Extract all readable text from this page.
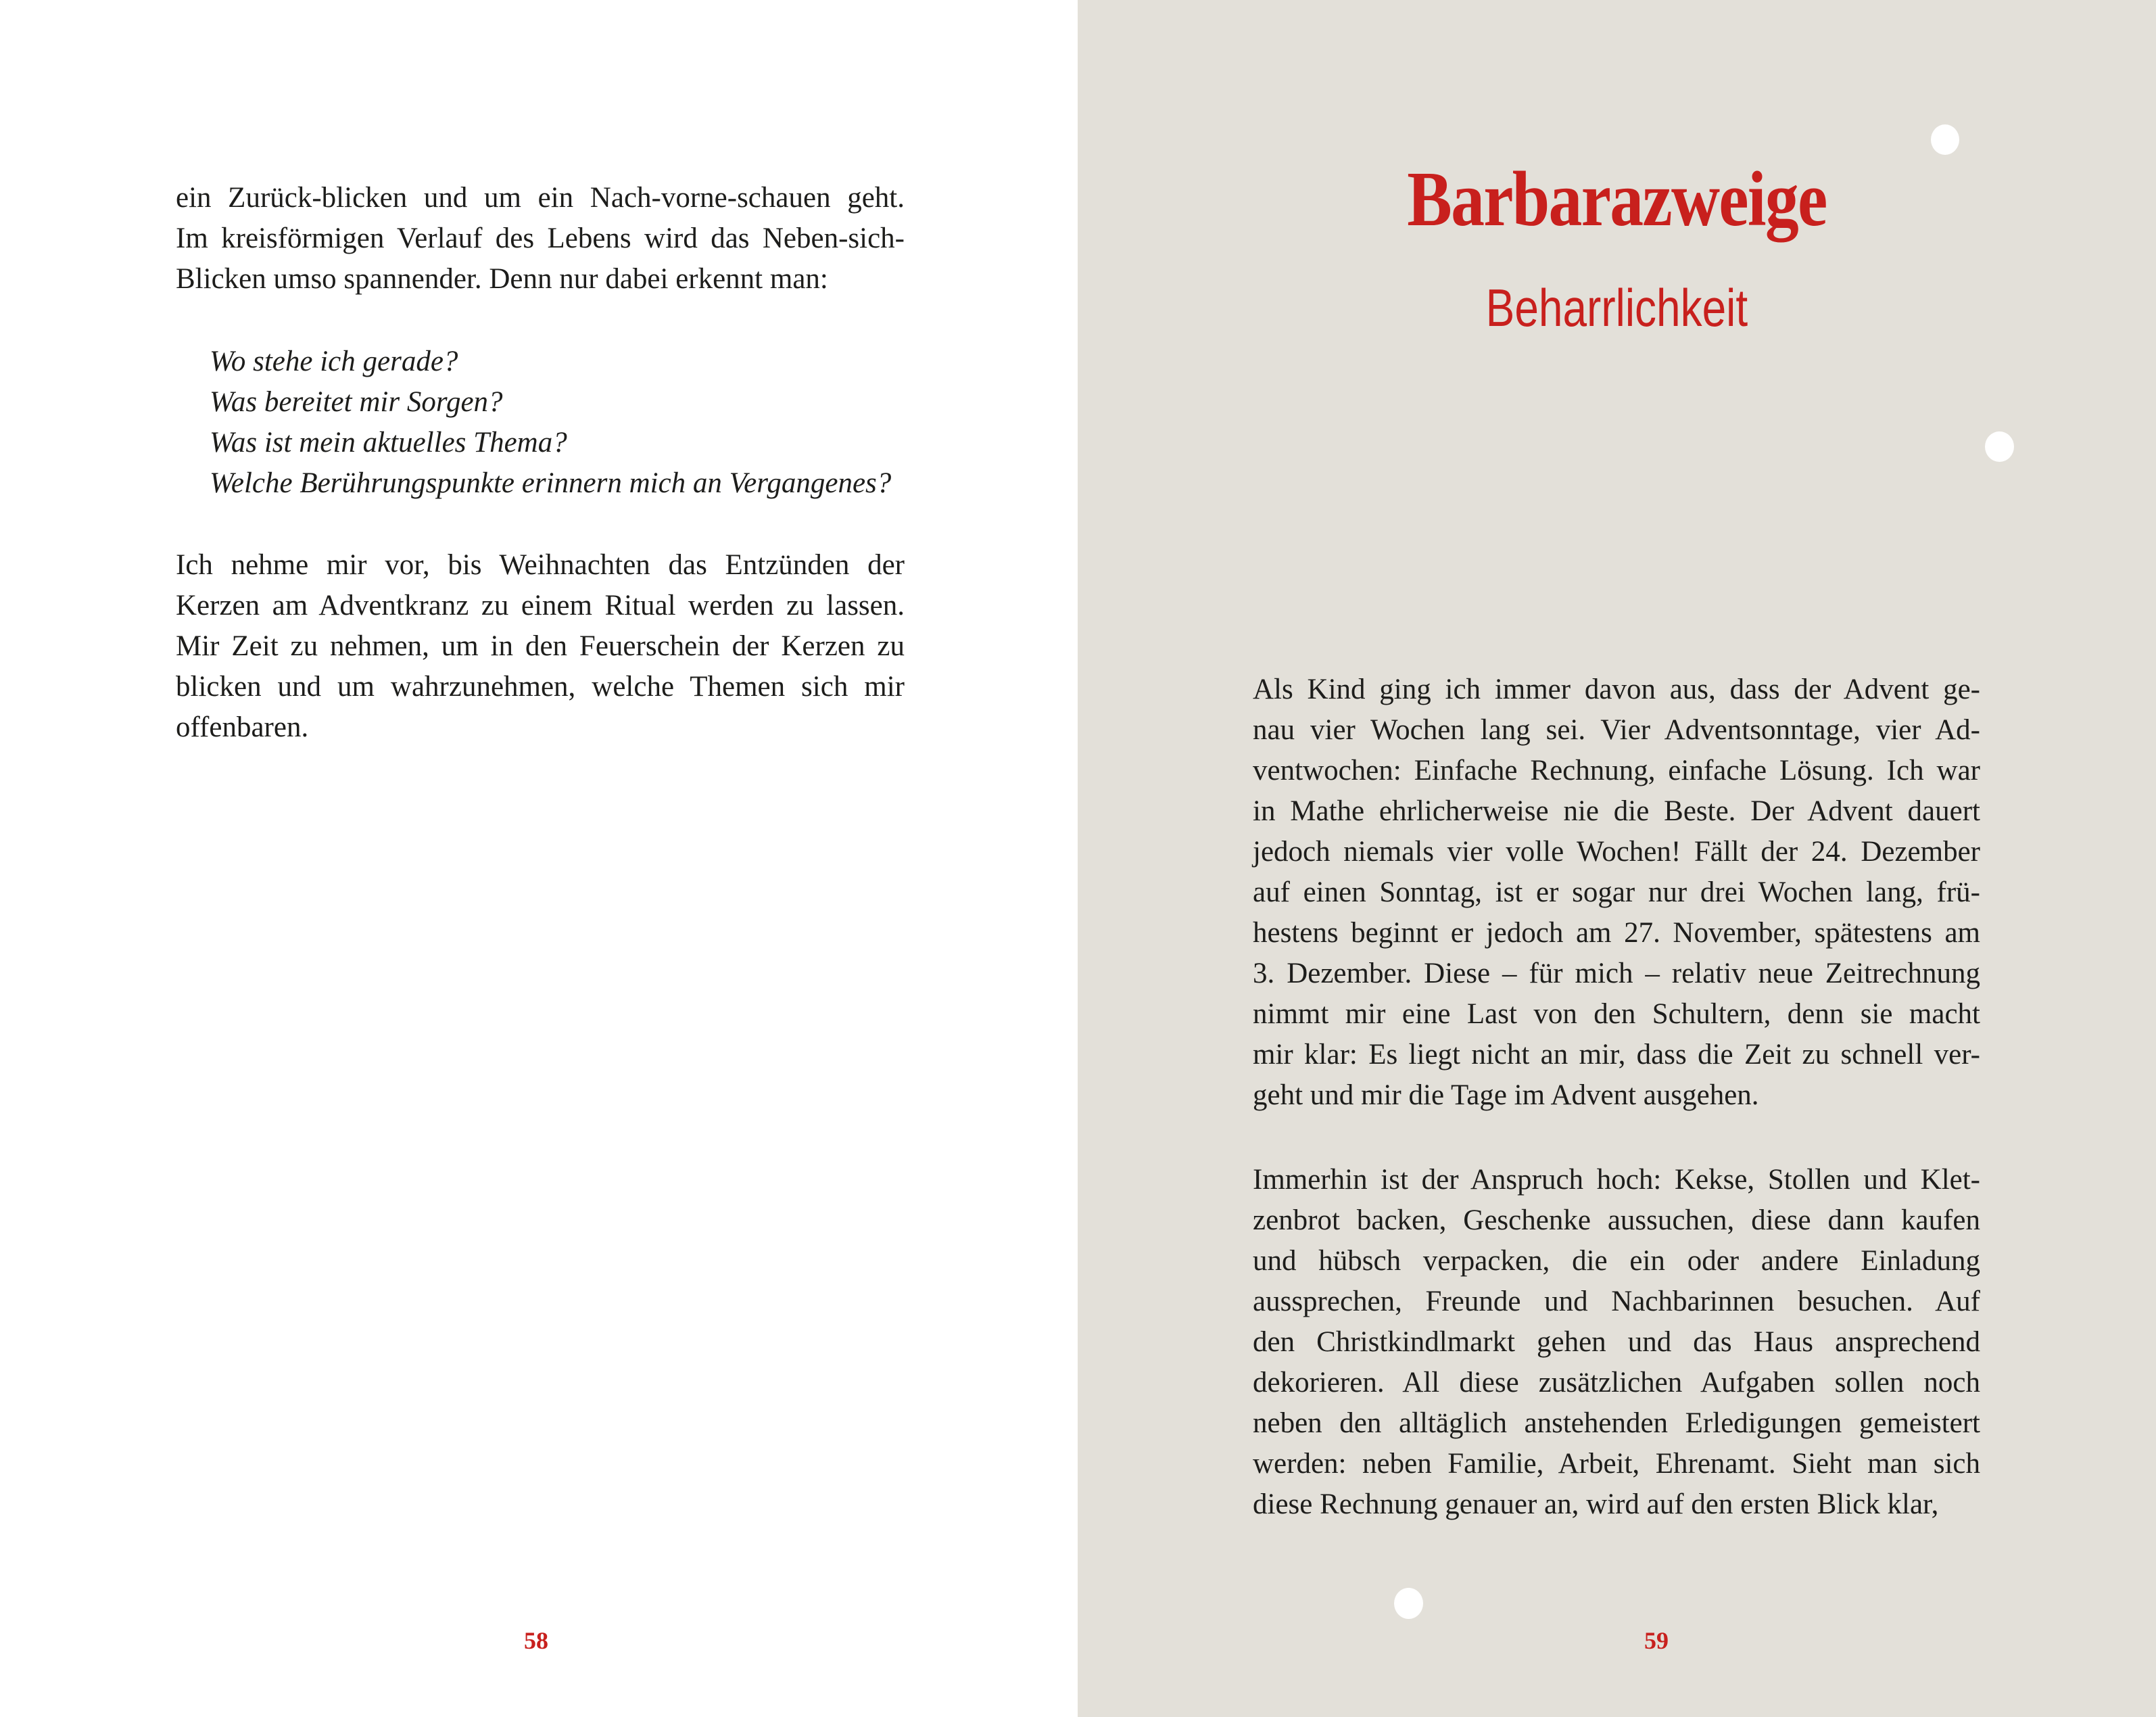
ein Zurück-blicken und um ein Nach-vorne-schauen geht.
Im kreisförmigen Verlauf des Lebens wird das Neben-sich-
Blicken umso spannender. Denn nur dabei erkennt man:

Wo stehe ich gerade?
Was bereitet mir Sorgen?
Was ist mein aktuelles Thema?
Welche Berührungspunkte erinnern mich an Vergangenes?

Ich nehme mir vor, bis Weihnachten das Entzünden der
Kerzen am Adventkranz zu einem Ritual werden zu lassen.
Mir Zeit zu nehmen, um in den Feuerschein der Kerzen zu
blicken und um wahrzunehmen, welche Themen sich mir
offenbaren.

58
Barbarazweige
Beharrlichkeit

Als Kind ging ich immer davon aus, dass der Advent ge-
nau vier Wochen lang sei. Vier Adventsonntage, vier Ad-
ventwochen: Einfache Rechnung, einfache Lösung. Ich war
in Mathe ehrlicherweise nie die Beste. Der Advent dauert
jedoch niemals vier volle Wochen! Fällt der 24. Dezember
auf einen Sonntag, ist er sogar nur drei Wochen lang, frü-
hestens beginnt er jedoch am 27. November, spätestens am
3. Dezember. Diese – für mich – relativ neue Zeitrechnung
nimmt mir eine Last von den Schultern, denn sie macht
mir klar: Es liegt nicht an mir, dass die Zeit zu schnell ver-
geht und mir die Tage im Advent ausgehen.

Immerhin ist der Anspruch hoch: Kekse, Stollen und Klet-
zenbrot backen, Geschenke aussuchen, diese dann kaufen
und hübsch verpacken, die ein oder andere Einladung
aussprechen, Freunde und Nachbarinnen besuchen. Auf
den Christkindlmarkt gehen und das Haus ansprechend
dekorieren. All diese zusätzlichen Aufgaben sollen noch
neben den alltäglich anstehenden Erledigungen gemeistert
werden: neben Familie, Arbeit, Ehrenamt. Sieht man sich
diese Rechnung genauer an, wird auf den ersten Blick klar,

59
